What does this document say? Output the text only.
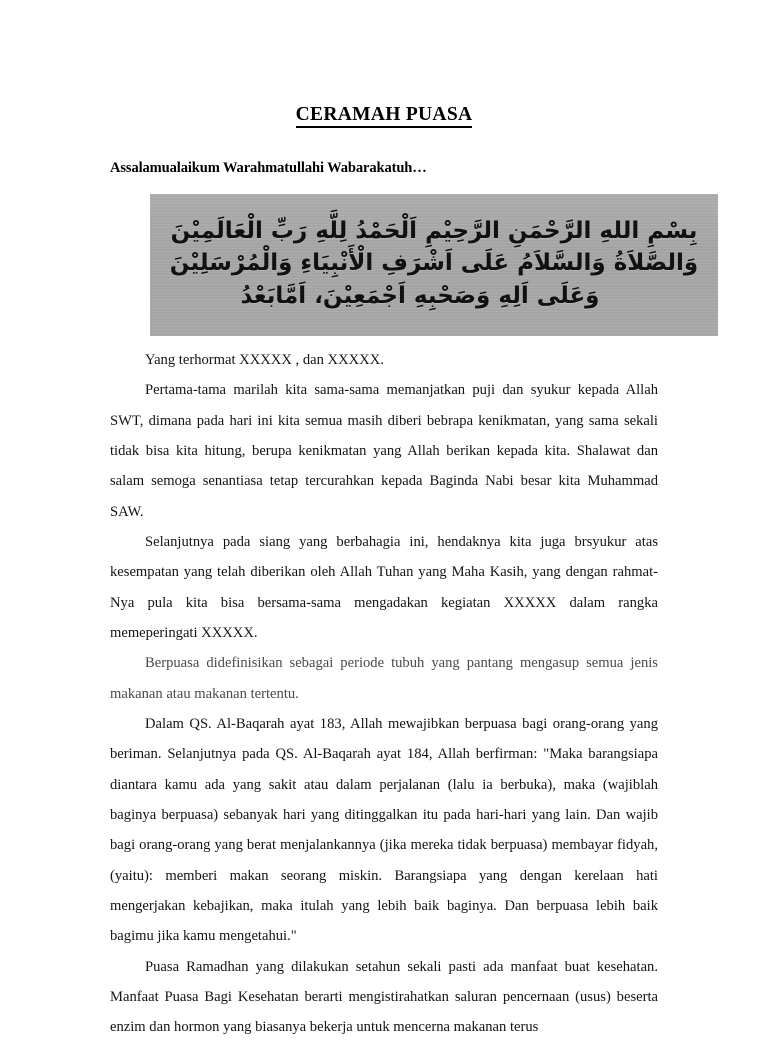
CERAMAH PUASA

Assalamualaikum Warahmatullahi Wabarakatuh…

بِسْمِ اللهِ الرَّحْمَنِ الرَّحِيْمِ اَلْحَمْدُ لِلَّهِ رَبِّ الْعَالَمِيْنَ
وَالصَّلاَةُ وَالسَّلاَمُ عَلَى اَشْرَفِ الْأَنْبِيَاءِ وَالْمُرْسَلِيْنَ
وَعَلَى اَلِهِ وَصَحْبِهِ اَجْمَعِيْنَ، اَمَّابَعْدُ

Yang terhormat XXXXX , dan XXXXX.

Pertama-tama marilah kita sama-sama memanjatkan puji dan syukur kepada Allah SWT, dimana pada hari ini kita semua masih diberi bebrapa kenikmatan, yang sama sekali tidak bisa kita hitung, berupa kenikmatan yang Allah berikan kepada kita. Shalawat dan salam semoga senantiasa tetap tercurahkan kepada Baginda Nabi besar kita Muhammad SAW.

Selanjutnya pada siang yang berbahagia ini, hendaknya kita juga brsyukur atas kesempatan yang telah diberikan oleh Allah Tuhan yang Maha Kasih, yang dengan rahmat-Nya pula kita bisa bersama-sama mengadakan kegiatan XXXXX dalam rangka memeperingati XXXXX.

Berpuasa didefinisikan sebagai periode tubuh yang pantang mengasup semua jenis makanan atau makanan tertentu.

Dalam QS. Al-Baqarah ayat 183, Allah mewajibkan berpuasa bagi orang-orang yang beriman. Selanjutnya pada QS. Al-Baqarah ayat 184, Allah berfirman: "Maka barangsiapa diantara kamu ada yang sakit atau dalam perjalanan (lalu ia berbuka), maka (wajiblah baginya berpuasa) sebanyak hari yang ditinggalkan itu pada hari-hari yang lain. Dan wajib bagi orang-orang yang berat menjalankannya (jika mereka tidak berpuasa) membayar fidyah, (yaitu): memberi makan seorang miskin. Barangsiapa yang dengan kerelaan hati mengerjakan kebajikan, maka itulah yang lebih baik baginya. Dan berpuasa lebih baik bagimu jika kamu mengetahui."

Puasa Ramadhan yang dilakukan setahun sekali pasti ada manfaat buat kesehatan. Manfaat Puasa Bagi Kesehatan berarti mengistirahatkan saluran pencernaan (usus) beserta enzim dan hormon yang biasanya bekerja untuk mencerna makanan terus
